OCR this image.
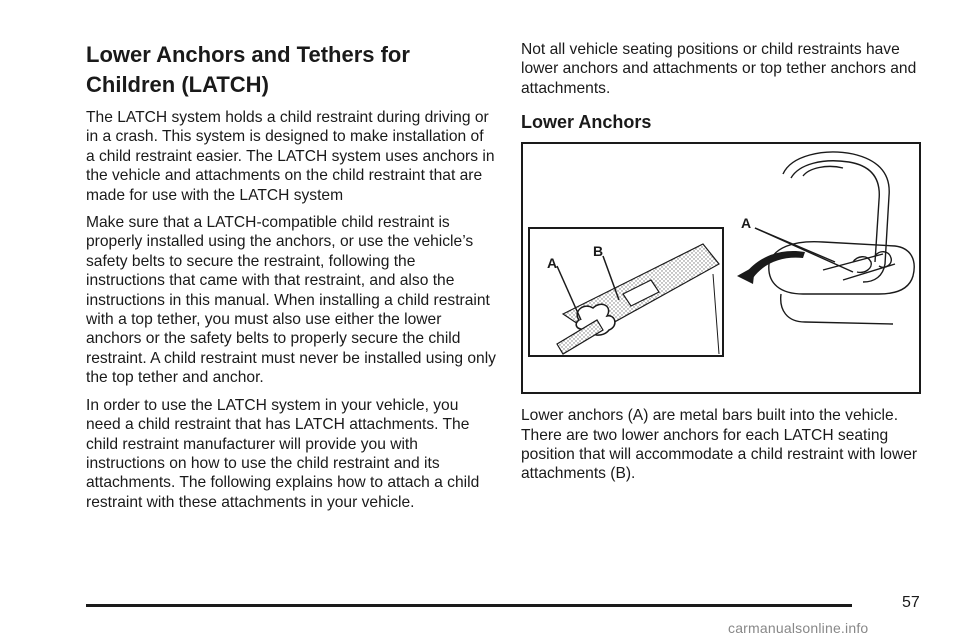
Lower Anchors and Tethers for Children (LATCH)

The LATCH system holds a child restraint during driving or in a crash. This system is designed to make installation of a child restraint easier. The LATCH system uses anchors in the vehicle and attachments on the child restraint that are made for use with the LATCH system

Make sure that a LATCH-compatible child restraint is properly installed using the anchors, or use the vehicle’s safety belts to secure the restraint, following the instructions that came with that restraint, and also the instructions in this manual. When installing a child restraint with a top tether, you must also use either the lower anchors or the safety belts to properly secure the child restraint. A child restraint must never be installed using only the top tether and anchor.

In order to use the LATCH system in your vehicle, you need a child restraint that has LATCH attachments. The child restraint manufacturer will provide you with instructions on how to use the child restraint and its attachments. The following explains how to attach a child restraint with these attachments in your vehicle.

Not all vehicle seating positions or child restraints have lower anchors and attachments or top tether anchors and attachments.

Lower Anchors
A
B
A

Lower anchors (A) are metal bars built into the vehicle. There are two lower anchors for each LATCH seating position that will accommodate a child restraint with lower attachments (B).

57
carmanualsonline.info
